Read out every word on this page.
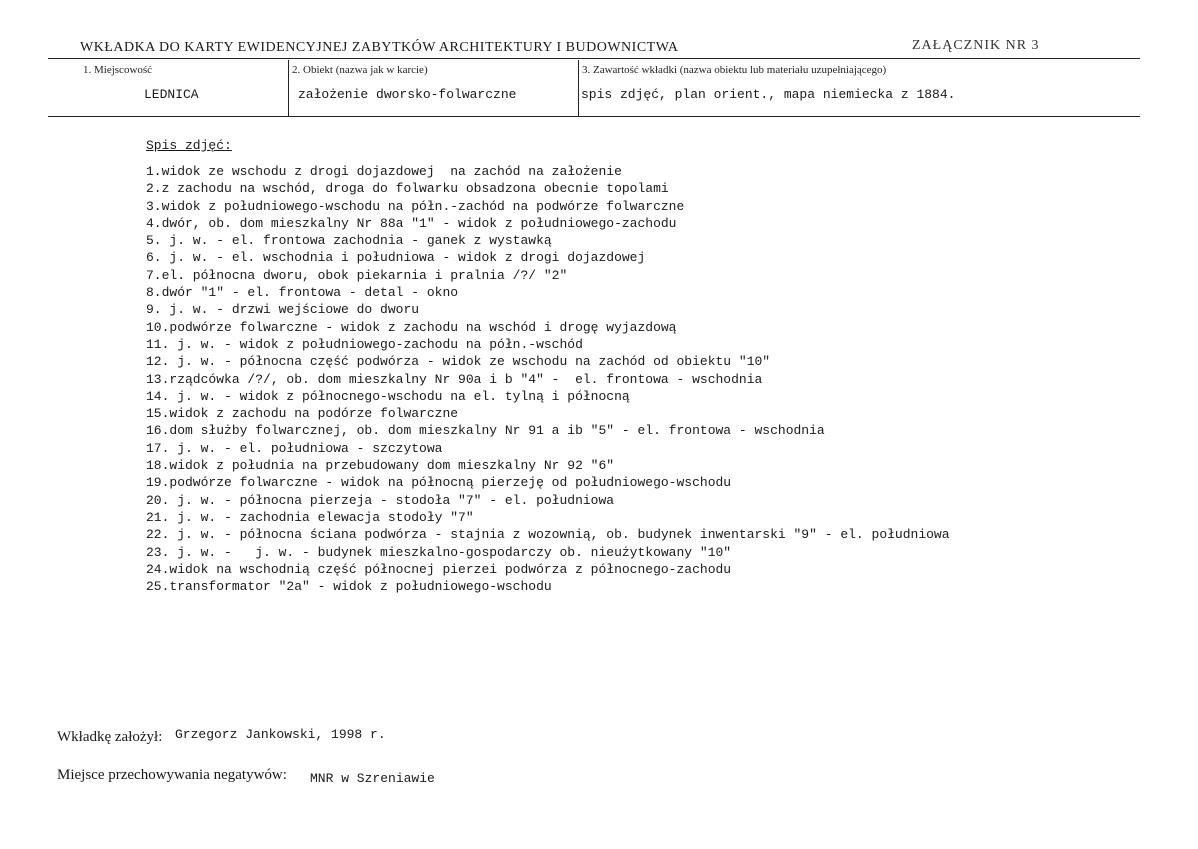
WKŁADKA DO KARTY EWIDENCYJNEJ ZABYTKÓW ARCHITEKTURY I BUDOWNICTWA	ZAŁĄCZNIK NR 3
1. Miejscowość	2. Obiekt (nazwa jak w karcie)	3. Zawartość wkładki (nazwa obiektu lub materiału uzupełniającego)
LEDNICA	założenie dworsko-folwarczne	spis zdjęć, plan orient., mapa niemiecka z 1884.
Spis zdjęć:
1.widok ze wschodu z drogi dojazdowej  na zachód na założenie
2.z zachodu na wschód, droga do folwarku obsadzona obecnie topolami
3.widok z południowego-wschodu na półn.-zachód na podwórze folwarczne
4.dwór, ob. dom mieszkalny Nr 88a "1" - widok z południowego-zachodu
5. j. w. - el. frontowa zachodnia - ganek z wystawką
6. j. w. - el. wschodnia i południowa - widok z drogi dojazdowej
7.el. północna dworu, obok piekarnia i pralnia /?/ "2"
8.dwór "1" - el. frontowa - detal - okno
9. j. w. - drzwi wejściowe do dworu
10.podwórze folwarczne - widok z zachodu na wschód i drogę wyjazdową
11. j. w. - widok z południowego-zachodu na półn.-wschód
12. j. w. - północna część podwórza - widok ze wschodu na zachód od obiektu "10"
13.rządcówka /?/, ob. dom mieszkalny Nr 90a i b "4" -  el. frontowa - wschodnia
14. j. w. - widok z północnego-wschodu na el. tylną i północną
15.widok z zachodu na podórze folwarczne
16.dom służby folwarcznej, ob. dom mieszkalny Nr 91 a ib "5" - el. frontowa - wschodnia
17. j. w. - el. południowa - szczytowa
18.widok z południa na przebudowany dom mieszkalny Nr 92 "6"
19.podwórze folwarczne - widok na północną pierzeję od południowego-wschodu
20. j. w. - północna pierzeja - stodoła "7" - el. południowa
21. j. w. - zachodnia elewacja stodoły "7"
22. j. w. - północna ściana podwórza - stajnia z wozownią, ob. budynek inwentarski "9" - el. południowa
23. j. w. -   j. w. - budynek mieszkalno-gospodarczy ob. nieużytkowany "10"
24.widok na wschodnią część północnej pierzei podwórza z północnego-zachodu
25.transformator "2a" - widok z południowego-wschodu
Wkładkę założył: Grzegorz Jankowski, 1998 r.
Miejsce przechowywania negatywów: MNR w Szreniawie
